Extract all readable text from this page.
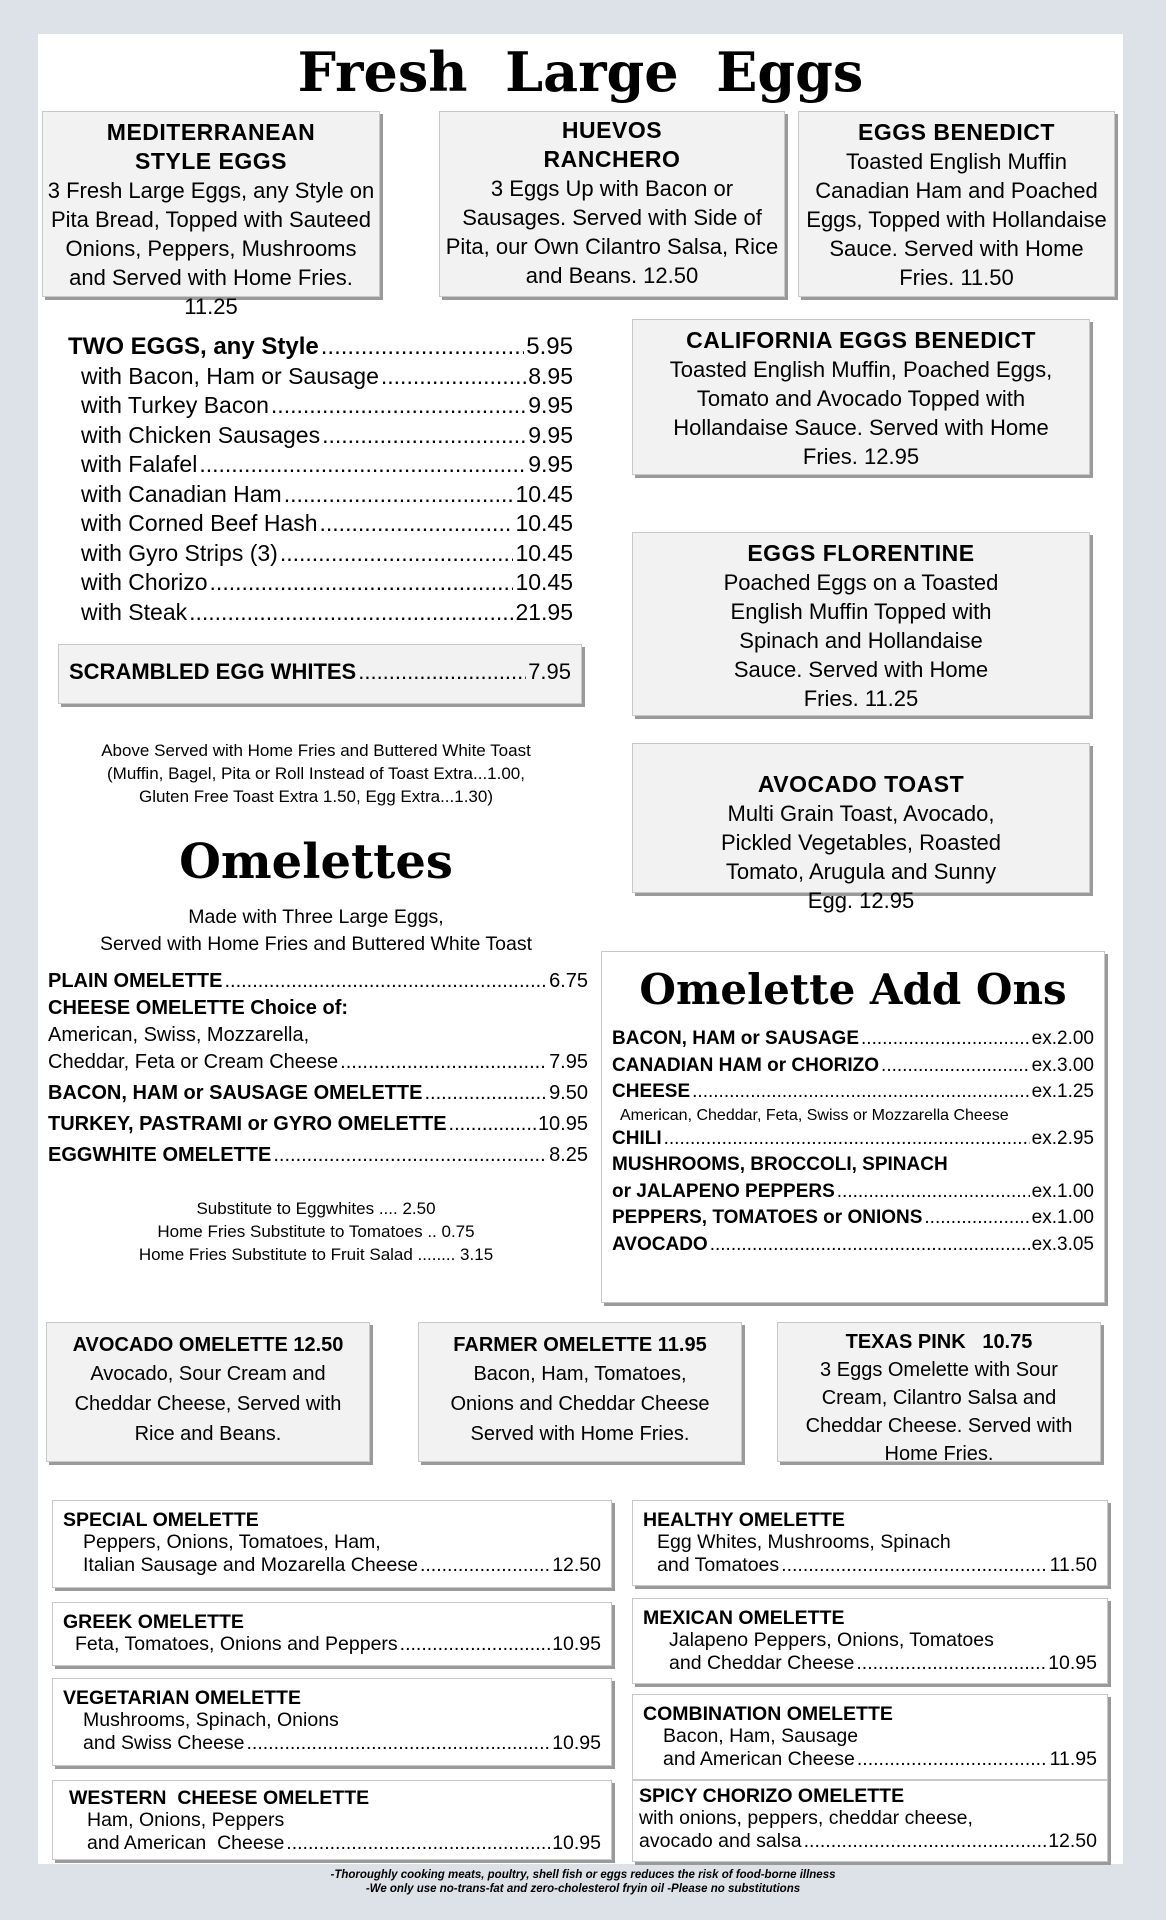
Fresh  Large  Eggs
MEDITERRANEAN STYLE EGGS
3 Fresh Large Eggs, any Style on Pita Bread, Topped with Sauteed Onions, Peppers, Mushrooms and Served with Home Fries. 11.25
HUEVOS RANCHERO
3 Eggs Up with Bacon or Sausages. Served with Side of Pita, our Own Cilantro Salsa, Rice and Beans. 12.50
EGGS BENEDICT
Toasted English Muffin Canadian Ham and Poached Eggs, Topped with Hollandaise Sauce. Served with Home Fries. 11.50
TWO EGGS, any Style .....	5.95
with Bacon, Ham or Sausage .....	8.95
with Turkey Bacon .....	9.95
with Chicken Sausages .....	9.95
with Falafel .....	9.95
with Canadian Ham .....	10.45
with Corned Beef Hash .....	10.45
with Gyro Strips (3) .....	10.45
with Chorizo .....	10.45
with Steak .....	21.95
SCRAMBLED EGG WHITES .....	7.95
Above Served with Home Fries and Buttered White Toast
(Muffin, Bagel, Pita or Roll Instead of Toast Extra...1.00,
Gluten Free Toast Extra 1.50, Egg Extra...1.30)
CALIFORNIA EGGS BENEDICT
Toasted English Muffin, Poached Eggs, Tomato and Avocado Topped with Hollandaise Sauce. Served with Home Fries. 12.95
EGGS FLORENTINE
Poached Eggs on a Toasted English Muffin Topped with Spinach and Hollandaise Sauce. Served with Home Fries. 11.25
AVOCADO TOAST
Multi Grain Toast, Avocado, Pickled Vegetables, Roasted Tomato, Arugula and Sunny Egg. 12.95
Omelettes
Made with Three Large Eggs,
Served with Home Fries and Buttered White Toast
PLAIN OMELETTE .....	6.75
CHEESE OMELETTE Choice of:
American, Swiss, Mozzarella,
Cheddar, Feta or Cream Cheese .....	7.95
BACON, HAM or SAUSAGE OMELETTE .....	9.50
TURKEY, PASTRAMI or GYRO OMELETTE .....	10.95
EGGWHITE OMELETTE .....	8.25
Substitute to Eggwhites .... 2.50
Home Fries Substitute to Tomatoes .. 0.75
Home Fries Substitute to Fruit Salad ........ 3.15
Omelette Add Ons
BACON, HAM or SAUSAGE .....	ex.2.00
CANADIAN HAM or CHORIZO .....	ex.3.00
CHEESE .....	ex.1.25
American, Cheddar, Feta, Swiss or Mozzarella Cheese
CHILI .....	ex.2.95
MUSHROOMS, BROCCOLI, SPINACH
or JALAPENO PEPPERS .....	ex.1.00
PEPPERS, TOMATOES or ONIONS .....	ex.1.00
AVOCADO .....	ex.3.05
AVOCADO OMELETTE 12.50
Avocado, Sour Cream and Cheddar Cheese, Served with Rice and Beans.
FARMER OMELETTE 11.95
Bacon, Ham, Tomatoes, Onions and Cheddar Cheese Served with Home Fries.
TEXAS PINK   10.75
3 Eggs Omelette with Sour Cream, Cilantro Salsa and Cheddar Cheese. Served with Home Fries.
SPECIAL OMELETTE
Peppers, Onions, Tomatoes, Ham,
Italian Sausage and Mozarella Cheese .....	12.50
GREEK OMELETTE
Feta, Tomatoes, Onions and Peppers .....	10.95
VEGETARIAN OMELETTE
Mushrooms, Spinach, Onions
and Swiss Cheese .....	10.95
WESTERN  CHEESE OMELETTE
Ham, Onions, Peppers
and American  Cheese .....	10.95
HEALTHY OMELETTE
Egg Whites, Mushrooms, Spinach
and Tomatoes .....	11.50
MEXICAN OMELETTE
Jalapeno Peppers, Onions, Tomatoes
and Cheddar Cheese .....	10.95
COMBINATION OMELETTE
Bacon, Ham, Sausage
and American Cheese .....	11.95
SPICY CHORIZO OMELETTE
with onions, peppers, cheddar cheese,
avocado and salsa .....	12.50
-Thoroughly cooking meats, poultry, shell fish or eggs reduces the risk of food-borne illness
-We only use no-trans-fat and zero-cholesterol fryin oil -Please no substitutions
